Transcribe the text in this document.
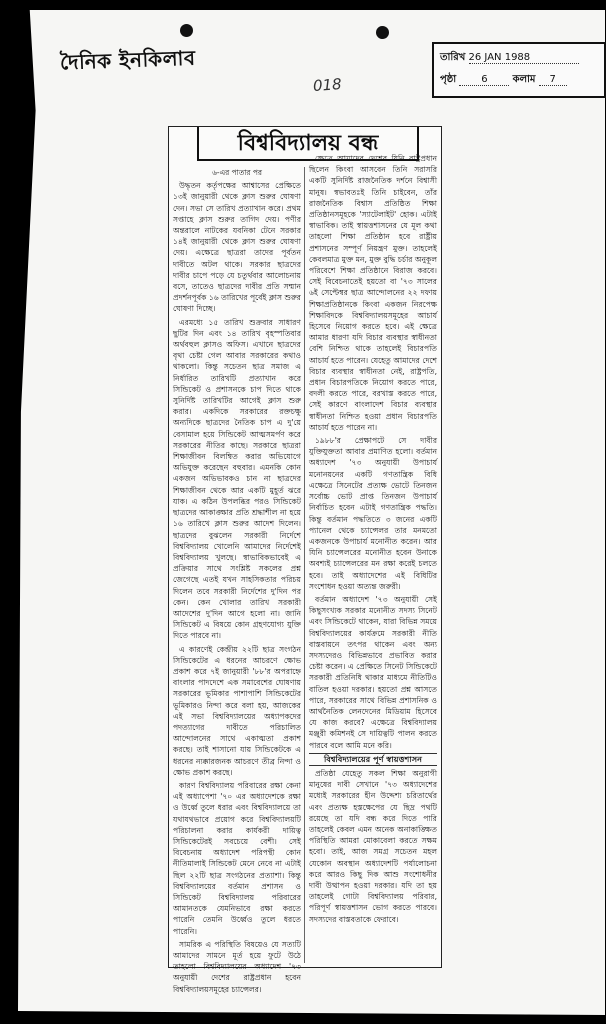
দৈনিক ইনকিলাব
018
তারিখ 26 JAN 1988
পৃষ্ঠা	6	কলাম 7
বিশ্ববিদ্যালয় বন্ধ

৬-এর পাতার পর

উদ্ধৃতন কর্তৃপক্ষের আশ্বাসের প্রেক্ষিতে ১৩ই জানুয়ারী থেকে ক্লাস শুরুর ঘোষণা দেন। সভা সে তারিখ প্রত্যাখান করে। প্রথম সপ্তাহে ক্লাস শুরুর তাগিদ দেয়। পণীর অন্তরালে নাটকের যবনিকা টেনে সরকার ১৪ই জানুয়ারী থেকে ক্লাস শুরুর ঘোষণা দেয়। এক্ষেত্রে ছাত্ররা তাদের পূর্বতন দাবীতে অটল থাকে। সরকার ছাত্রদের দাবীর চাপে পড়ে যে চতুর্থবার আলোচনায় বসে, তাতেও ছাত্রদের দাবীর প্রতি সম্মান প্রদর্শনপূর্বক ১৬ তারিখের পূর্বেই ক্লাস শুরুর ঘোষণা দিচ্ছে।

এরমধ্যে ১৫ তারিখ শুক্রবার সাধারণ ছুটির দিন এবং ১৪ তারিখ বৃহস্পতিবার অর্থবহুল ক্লাসও অফিস। এখানে ছাত্রদের বৃথা চেষ্টা গেল আবার সরকারের কথাও থাকলো। কিন্তু সচেতন ছাত্র সমাজ এ নির্ধারিত তারিখটি প্রত্যাখান করে সিন্ডিকেট ও প্রশাসনকে চাপ দিতে থাকে সুনির্দিষ্ট তারিখটির আগেই ক্লাস শুরু করার। একদিকে সরকারের রক্তচক্ষু অন্যদিকে ছাত্রদের নৈতিক চাপ এ দু'য়ে বেসামাল হয়ে সিন্ডিকেট আত্মসমর্পণ করে সরকারের নীতির কাছে। সরকারে ছাত্ররা শিক্ষাজীবন বিলম্বিত করার অভিযোগে অভিযুক্ত করেছেন বহুবার। এমনকি কোন একজন অভিভাবকও চান না ছাত্রদের শিক্ষাজীবন থেকে আর একটি মুহূর্ত ঝরে যাক। এ কঠিন উপলব্ধির পরও সিন্ডিকেট ছাত্রদের আকাঙ্ক্ষার প্রতি শ্রদ্ধাশীল না হয়ে ১৬ তারিখে ক্লাস শুরুর আদেশ দিলেন। ছাত্রদের বুঝলেন সরকারী নির্দেশে বিশ্ববিদ্যালয় খোলেনি আমাদের নির্দেশেই বিশ্ববিদ্যালয় খুলছে। স্বাভাবিকভাবেই এ প্রক্রিয়ার সাথে সংশ্লিষ্ট সকলের প্রশ্ন জেগেছে এতই যখন সাহসিকতার পরিচয় দিলেন তবে সরকারী নির্দেশের দু'দিন পর কেন। কেন খোলার তারিখ সরকারী আদেশের দু'দিন আগে হলো না। জানি সিন্ডিকেট এ বিষয়ে কোন গ্রহণযোগ্য যুক্তি দিতে পারবে না।

এ কারণেই কেন্দ্রীয় ২২টি ছাত্র সংগঠন সিন্ডিকেটের এ ধরনের আচরণে ক্ষোভ প্রকাশ করে ৭ই জানুয়ারী '৮৮'র অপরাহ্নে বাংলার পাদদেশে এক সমাবেশের ঘোষণায় সরকারের ভূমিকার পাশাপাশি সিন্ডিকেটের ভূমিকারও নিন্দা করে বলা হয়, আজকের এই সভা বিশ্ববিদ্যালয়ের অধ্যাপকদের পদত্যাগের দাবীতে পরিচালিত আন্দোলনের সাথে একাত্মতা প্রকাশ করছে। তাই শাসানো যায় সিন্ডিকেটকে এ ধরনের ন্যক্কারজনক আচরণে তীব্র নিন্দা ও ক্ষোভ প্রকাশ করছে।

কারণ বিশ্ববিদ্যালয় পরিবারের রক্ষা কেনা এই অধ্যাপেশা '৭০ এর অধ্যাদেশকে রক্ষা ও উর্ধ্বে তুলে ধরার এবং বিশ্ববিদ্যালয়ে তা যথাযথভাবে প্রয়োগ করে বিশ্ববিদ্যালয়টি পরিচালনা করার কার্যকরী দায়িত্ব সিন্ডিকেটেরই সবচেয়ে বেশী। সেই বিবেচনায় অধ্যাদেশ পরিপন্থী কোন নীতিমালাই সিন্ডিকেট মেনে নেবে না এটাই ছিল ২২টি ছাত্র সংগঠনের প্রত্যাশা। কিন্তু বিশ্ববিদ্যালয়ের বর্তমান প্রশাসন ও সিন্ডিকেট বিশ্ববিদ্যালয় পরিবারের আমানতকে যেমনিভাবে রক্ষা করতে পারেনি তেমনি উর্ধ্বেও তুলে ধরতে পারেনি।

সামরিক এ পরিস্থিতি বিষয়েও যে সত্যটি আমাদের সামনে মূর্ত হয়ে ফুটে উঠে তাহলো বিশ্ববিদ্যালয়ের অধ্যাদেশ '৭৩ অনুযায়ী দেশের রাষ্ট্রপ্রধান হবেন বিশ্ববিদ্যালয়সমূহের চ্যান্সেলর।

ক্ষেত্রে আমাদের দেশের যিনি রাষ্ট্রপ্রধান ছিলেন কিংবা আসবেন তিনি সরাসরি একটি সুনির্দিষ্ট রাজনৈতিক দর্শনে বিশ্বাসী মানুষ। স্বভাবতঃই তিনি চাইবেন, তাঁর রাজনৈতিক বিশ্বাস প্রতিষ্ঠিত শিক্ষা প্রতিষ্ঠানসমূহকে 'স্যাটেলাইট' হোক। এটাই স্বাভাবিক। তাই স্বায়ত্তশাসনের যে মূল কথা তাহলো শিক্ষা প্রতিষ্ঠান হবে রাষ্ট্রীয় প্রশাসনের সম্পূর্ণ নিয়ন্ত্রণ মুক্ত। তাহলেই কেবলমাত্র মুক্ত মন, মুক্ত বুদ্ধি চর্চার অনুকূল পরিবেশে শিক্ষা প্রতিষ্ঠানে বিরাজ করবে। সেই বিবেচনাতেই হয়তো বা '৭৩ সালের ৬ই সেপ্টেম্বর ছাত্র আন্দোলনের ২২ দফায় শিক্ষাপ্রতিষ্ঠানকে কিংবা একজন নিরপেক্ষ শিক্ষাবিদকে বিশ্ববিদ্যালয়সমূহের আচার্য হিসেবে নিয়োগ করতে হবে। এই ক্ষেত্রে আমার ধারণা যদি বিচার ব্যবস্থার স্বাধীনতা বেশি নিশ্চিত থাকে তাহলেই বিচারপতি আচার্য হতে পারেন। যেহেতু আমাদের দেশে বিচার ব্যবস্থার স্বাধীনতা নেই, রাষ্ট্রপতি, প্রধান বিচারপতিকে নিয়োগ করতে পারে, বদলী করতে পারে, বরখাস্ত করতে পারে, সেই কারণে বাংলাদেশ বিচার ব্যবস্থার স্বাধীনতা নিশ্চিত হওয়া প্রধান বিচারপতি আচার্য হতে পারেন না।

১৯৮৮'র প্রেক্ষাপটে সে দাবীর যুক্তিযুক্ততা আবার প্রমাণিত হলো। বর্তমান অধ্যাদেশ '৭৩ অনুযায়ী উপাচার্য মনোনয়নের একটি গণতান্ত্রিক বিধি এক্ষেত্রে সিনেটের প্রত্যক্ষ ভোটে তিনজন সর্বোচ্চ ভোট প্রাপ্ত তিনজন উপাচার্য নির্বাচিত হবেন এটাই গণতান্ত্রিক পদ্ধতি। কিন্তু বর্তমান পদ্ধতিতে ৩ জনের একটি প্যানেল থেকে চ্যান্সেলর তার মনমতো একজনকে উপাচার্য মনোনীত করেন। আর যিনি চ্যান্সেলরের মনোনীত হবেন উনাকে অবশ্যই চ্যান্সেলরের মন রক্ষা করেই চলতে হবে। তাই অধ্যাদেশের এই বিধিটির সংশোধন হওয়া অত্যন্ত জরুরী।

বর্তমান অধ্যাদেশ '৭৩ অনুযায়ী সেই কিছুসংখ্যক সরকার মনোনীত সদস্য সিনেট এবং সিন্ডিকেটে থাকেন, যারা বিভিন্ন সময়ে বিশ্ববিদ্যালয়ের কার্যক্রমে সরকারী নীতি বাস্তবায়নে তৎপর থাকেন এবং অন্য সদস্যদেরও বিভিন্নভাবে প্রভাবিত করার চেষ্টা করেন। এ প্রেক্ষিতে সিনেট সিন্ডিকেটে সরকারী প্রতিনিধি থাকার মাধ্যমে নীতিটিও বাতিল হওয়া দরকার। হয়তো প্রশ্ন আসতে পারে, সরকারের সাথে বিভিন্ন প্রশাসনিক ও আর্থনৈতিক লেনদেনের মিডিয়াম হিসেবে যে কাজ করবে? এক্ষেত্রে বিশ্ববিদ্যালয় মঞ্জুরী কমিশনই সে দায়িত্বটি পালন করতে পারবে বলে আমি মনে করি।

বিশ্ববিদ্যালয়ের পূর্ণ স্বায়ত্তশাসন

প্রতিষ্ঠা যেহেতু সকল শিক্ষা অনুরাগী মানুষের দাবী সেখানে '৭৩ অধ্যাদেশের মধ্যেই সরকারের হীন উদ্দেশ্য চরিতার্থের এবং প্রত্যক্ষ হস্তক্ষেপের যে ছিদ্র পথটি রয়েছে তা যদি বন্ধ করে দিতে পারি তাহলেই কেবল এমন অনেক অনাকাঙ্ক্ষিত পরিস্থিতি আমরা মোকাবেলা করতে সক্ষম হবো। তাই, আজ সমগ্র সচেতন মহল যেকোন অবস্থান অধ্যাদেশটি পর্যালোচনা করে আরও কিছু দিক আশু সংশোধনীর দাবী উত্থাপন হওয়া দরকার। যদি তা হয় তাহলেই গোটা বিশ্ববিদ্যালয় পরিবার, পরিপূর্ণ স্বায়ত্তশাসন ভোগ করতে পারবে। সদস্যদের বাস্তবতাকে ফেরাবে।
